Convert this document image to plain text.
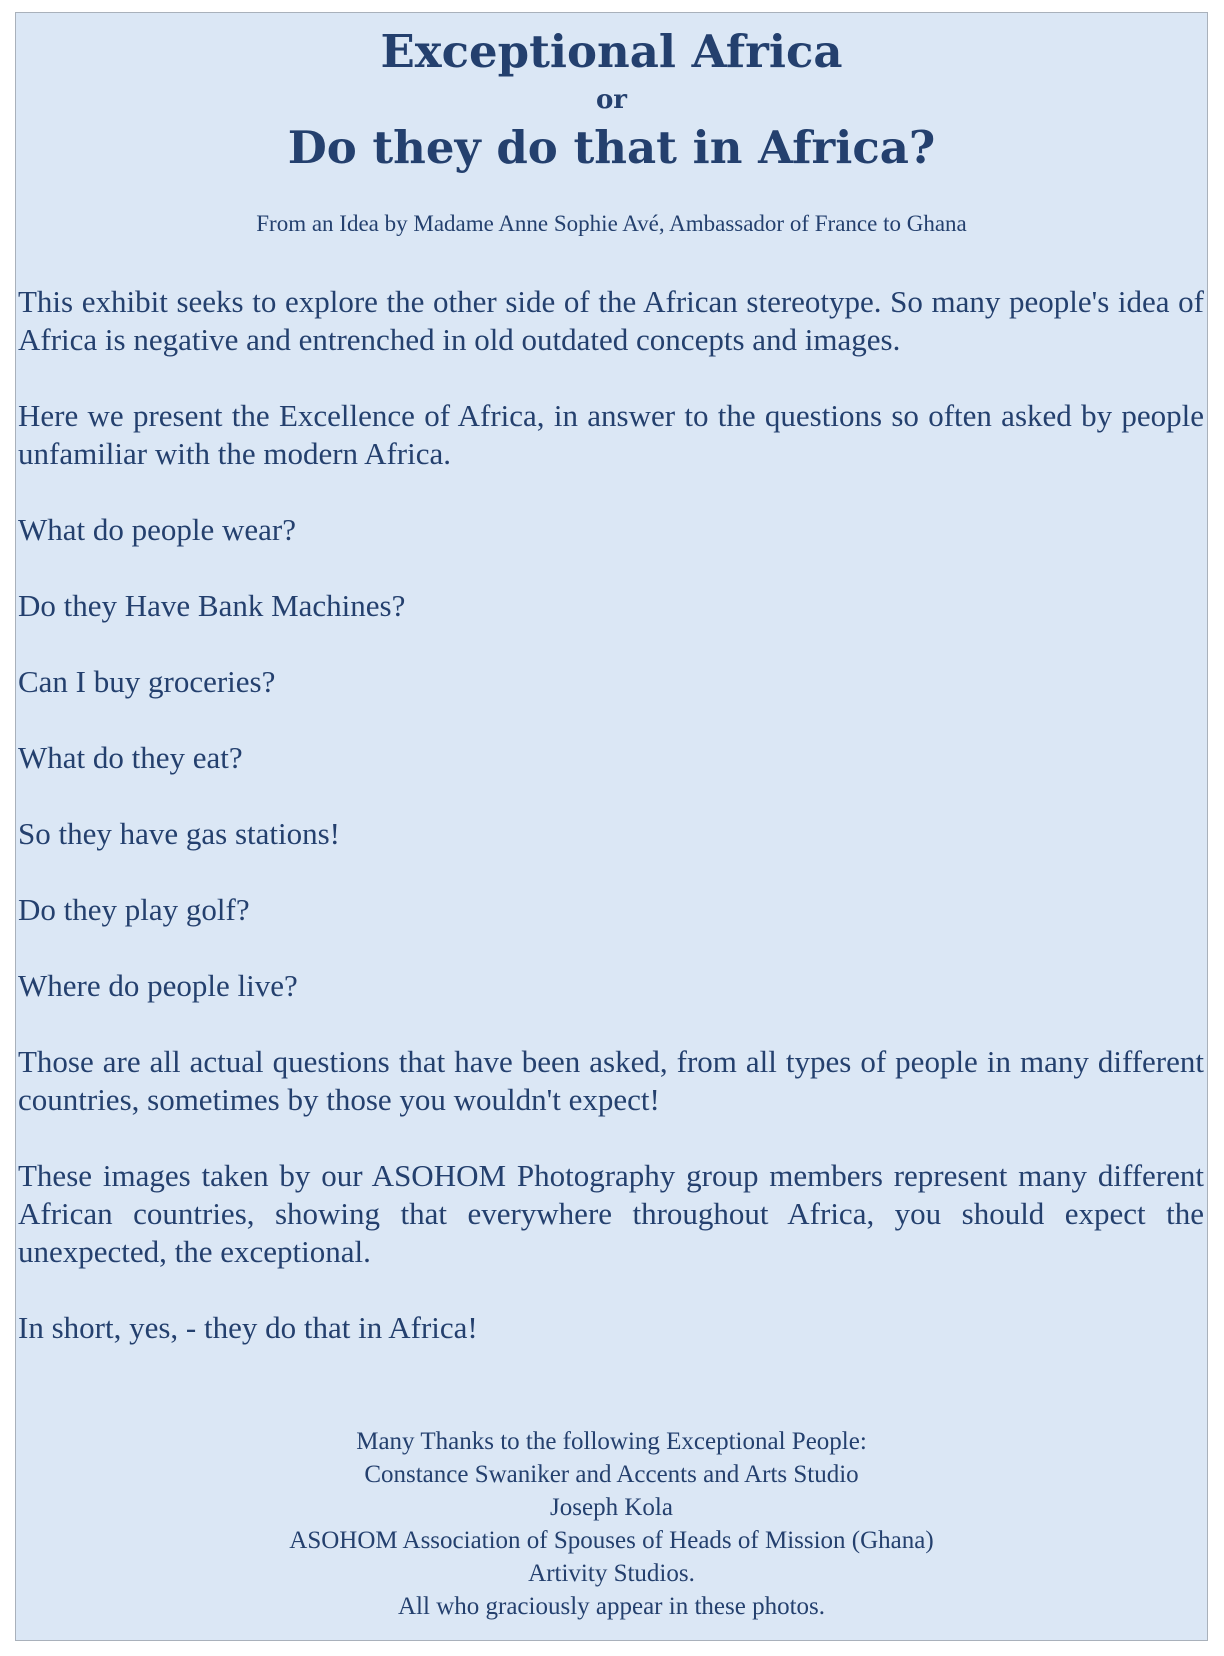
Exceptional Africa
or
Do they do that in Africa?
From an Idea by Madame Anne Sophie Avé, Ambassador of France to Ghana

This exhibit seeks to explore the other side of the African stereotype. So many people's idea of Africa is negative and entrenched in old outdated concepts and images.

Here we present the Excellence of Africa, in answer to the questions so often asked by people unfamiliar with the modern Africa.

What do people wear?

Do they Have Bank Machines?

Can I buy groceries?

What do they eat?

So they have gas stations!

Do they play golf?

Where do people live?

Those are all actual questions that have been asked, from all types of people in many different countries, sometimes by those you wouldn't expect!

These images taken by our ASOHOM Photography group members represent many different African countries, showing that everywhere throughout Africa, you should expect the unexpected, the exceptional.

In short, yes, - they do that in Africa!

Many Thanks to the following Exceptional People:
Constance Swaniker and Accents and Arts Studio
Joseph Kola
ASOHOM Association of Spouses of Heads of Mission (Ghana)
Artivity Studios.
All who graciously appear in these photos.
